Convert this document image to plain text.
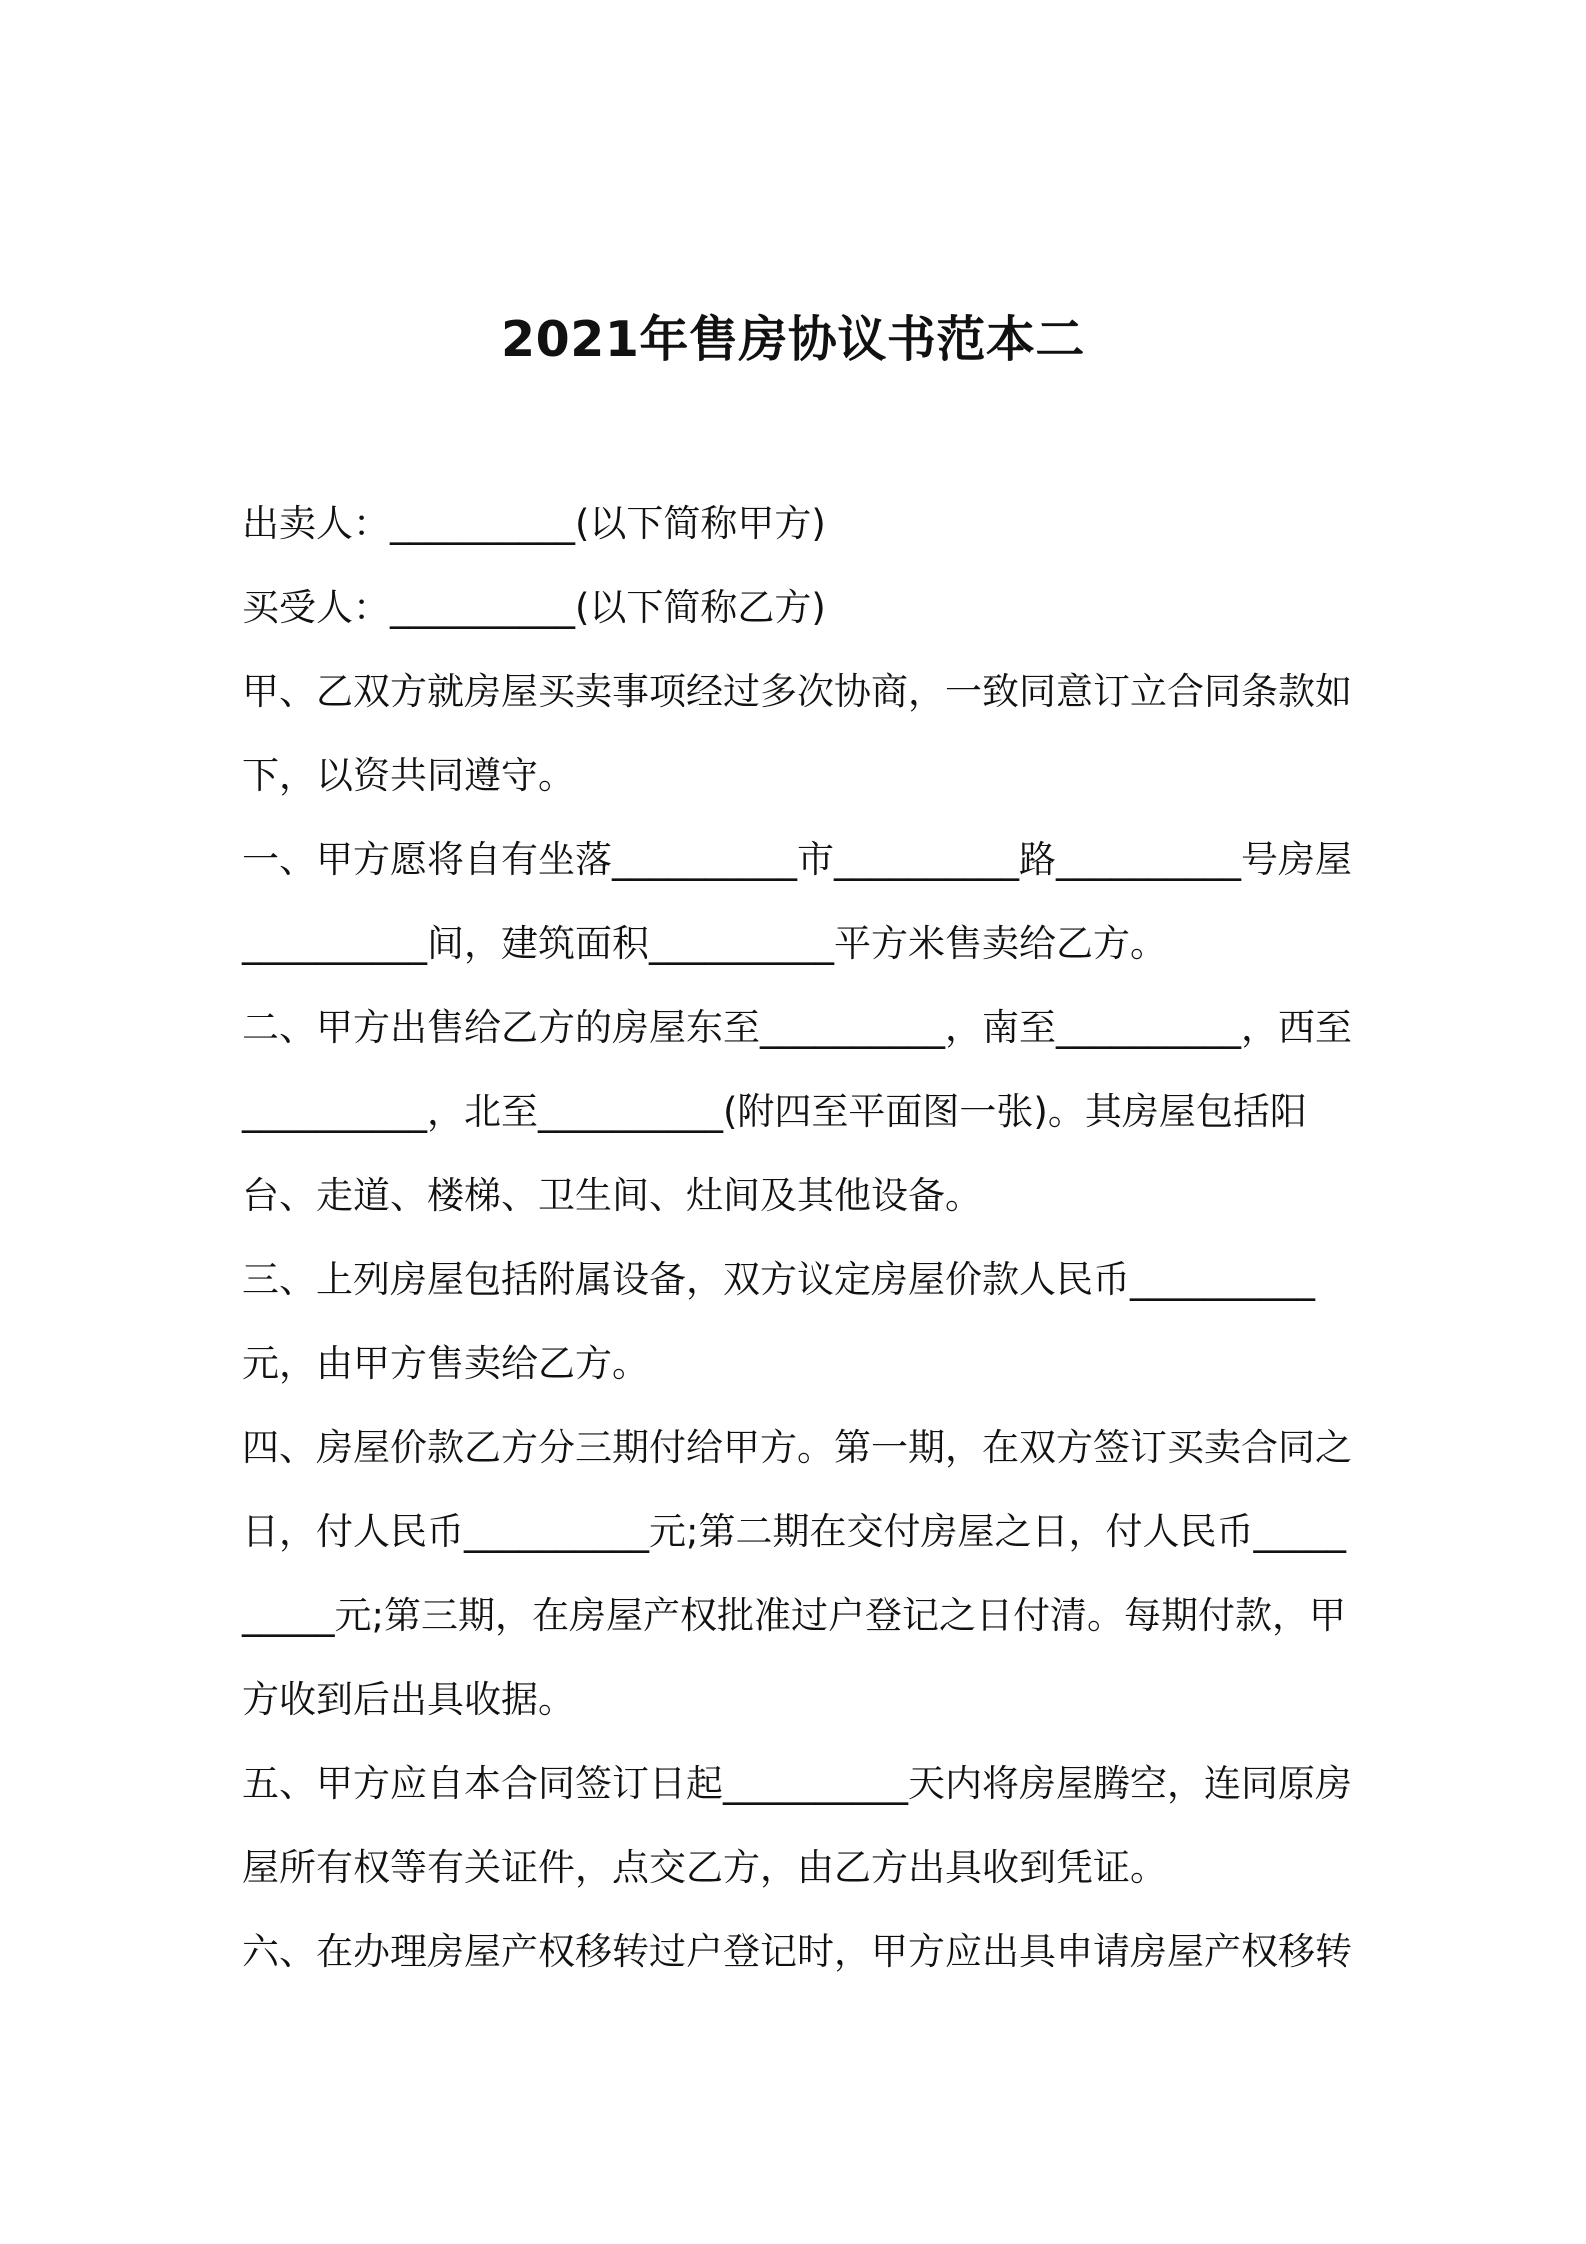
2021年售房协议书范本二

出卖人：__________(以下简称甲方)

买受人：__________(以下简称乙方)

甲、乙双方就房屋买卖事项经过多次协商，一致同意订立合同条款如下，以资共同遵守。

一、甲方愿将自有坐落__________市__________路__________号房屋__________间，建筑面积__________平方米售卖给乙方。

二、甲方出售给乙方的房屋东至__________，南至__________，西至__________，北至__________(附四至平面图一张)。其房屋包括阳台、走道、楼梯、卫生间、灶间及其他设备。

三、上列房屋包括附属设备，双方议定房屋价款人民币__________元，由甲方售卖给乙方。

四、房屋价款乙方分三期付给甲方。第一期，在双方签订买卖合同之日，付人民币__________元;第二期在交付房屋之日，付人民币__________元;第三期，在房屋产权批准过户登记之日付清。每期付款，甲方收到后出具收据。

五、甲方应自本合同签订日起__________天内将房屋腾空，连同原房屋所有权等有关证件，点交乙方，由乙方出具收到凭证。

六、在办理房屋产权移转过户登记时，甲方应出具申请房屋产权移转
